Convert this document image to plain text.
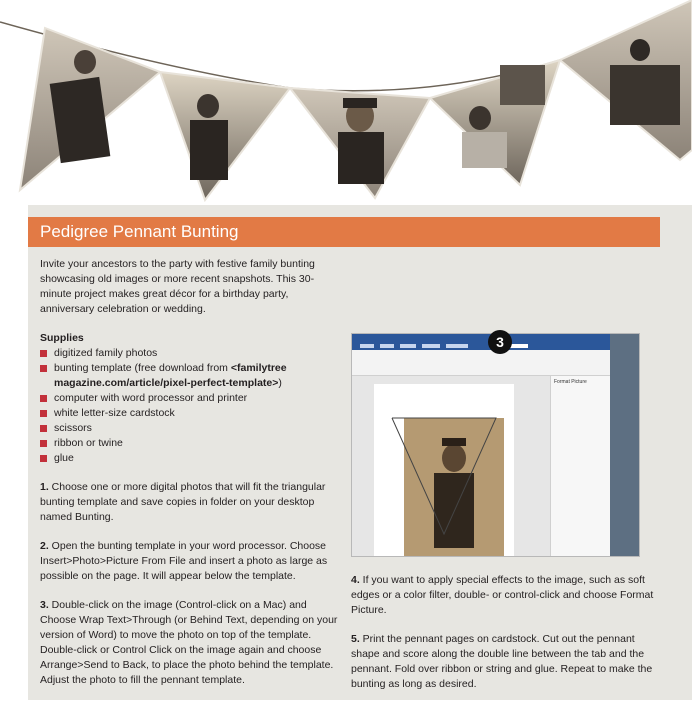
Pedigree Pennant Bunting

Invite your ancestors to the party with festive family bunting showcasing old images or more recent snapshots. This 30-minute project makes great décor for a birthday party, anniversary celebration or wedding.

Supplies
digitized family photos
bunting template (free download from <familytree magazine.com/article/pixel-perfect-template>)
computer with word processor and printer
white letter-size cardstock
scissors
ribbon or twine
glue

1. Choose one or more digital photos that will fit the triangular bunting template and save copies in folder on your desktop named Bunting.

2. Open the bunting template in your word processor. Choose Insert>Photo>Picture From File and insert a photo as large as possible on the page. It will appear below the template.

3. Double-click on the image (Control-click on a Mac) and Choose Wrap Text>Through (or Behind Text, depending on your version of Word) to move the photo on top of the template. Double-click or Control Click on the image again and choose Arrange>Send to Back, to place the photo behind the template. Adjust the photo to fill the pennant template.

Format Picture

4. If you want to apply special effects to the image, such as soft edges or a color filter, double- or control-click and choose Format Picture.

5. Print the pennant pages on cardstock. Cut out the pennant shape and score along the double line between the tab and the pennant. Fold over ribbon or string and glue. Repeat to make the bunting as long as desired.

3
